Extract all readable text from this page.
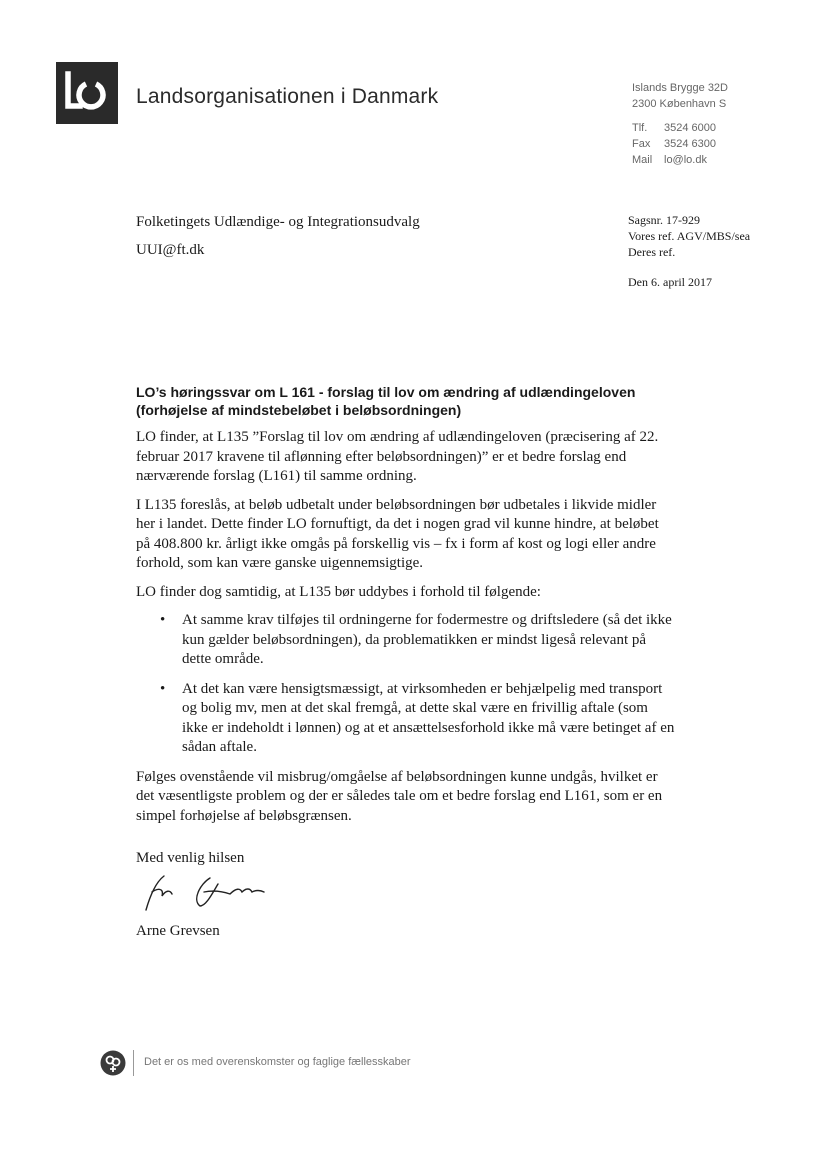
Landsorganisationen i Danmark	Islands Brygge 32D
2300 København S
Tlf.	3524 6000
Fax	3524 6300
Mail	lo@lo.dk
Folketingets Udlændige- og Integrationsudvalg
UUI@ft.dk
Sagsnr. 17-929
Vores ref. AGV/MBS/sea
Deres ref.
Den 6. april 2017
LO’s høringssvar om L 161 - forslag til lov om ændring af udlændingeloven (forhøjelse af mindstebeløbet i beløbsordningen)

LO finder, at L135 ”Forslag til lov om ændring af udlændingeloven (præcisering af 22. februar 2017 kravene til aflønning efter beløbsordningen)” er et bedre forslag end nærværende forslag (L161) til samme ordning.

I L135 foreslås, at beløb udbetalt under beløbsordningen bør udbetales i likvide midler her i landet. Dette finder LO fornuftigt, da det i nogen grad vil kunne hindre, at beløbet på 408.800 kr. årligt ikke omgås på forskellig vis – fx i form af kost og logi eller andre forhold, som kan være ganske uigennemsigtige.

LO finder dog samtidig, at L135 bør uddybes i forhold til følgende:

• At samme krav tilføjes til ordningerne for fodermestre og driftsledere (så det ikke kun gælder beløbsordningen), da problematikken er mindst ligeså relevant på dette område.
• At det kan være hensigtsmæssigt, at virksomheden er behjælpelig med transport og bolig mv, men at det skal fremgå, at dette skal være en frivillig aftale (som ikke er indeholdt i lønnen) og at et ansættelsesforhold ikke må være betinget af en sådan aftale.

Følges ovenstående vil misbrug/omgåelse af beløbsordningen kunne undgås, hvilket er det væsentligste problem og der er således tale om et bedre forslag end L161, som er en simpel forhøjelse af beløbsgrænsen.

Med venlig hilsen
Arne Grevsen
Det er os med overenskomster og faglige fællesskaber
